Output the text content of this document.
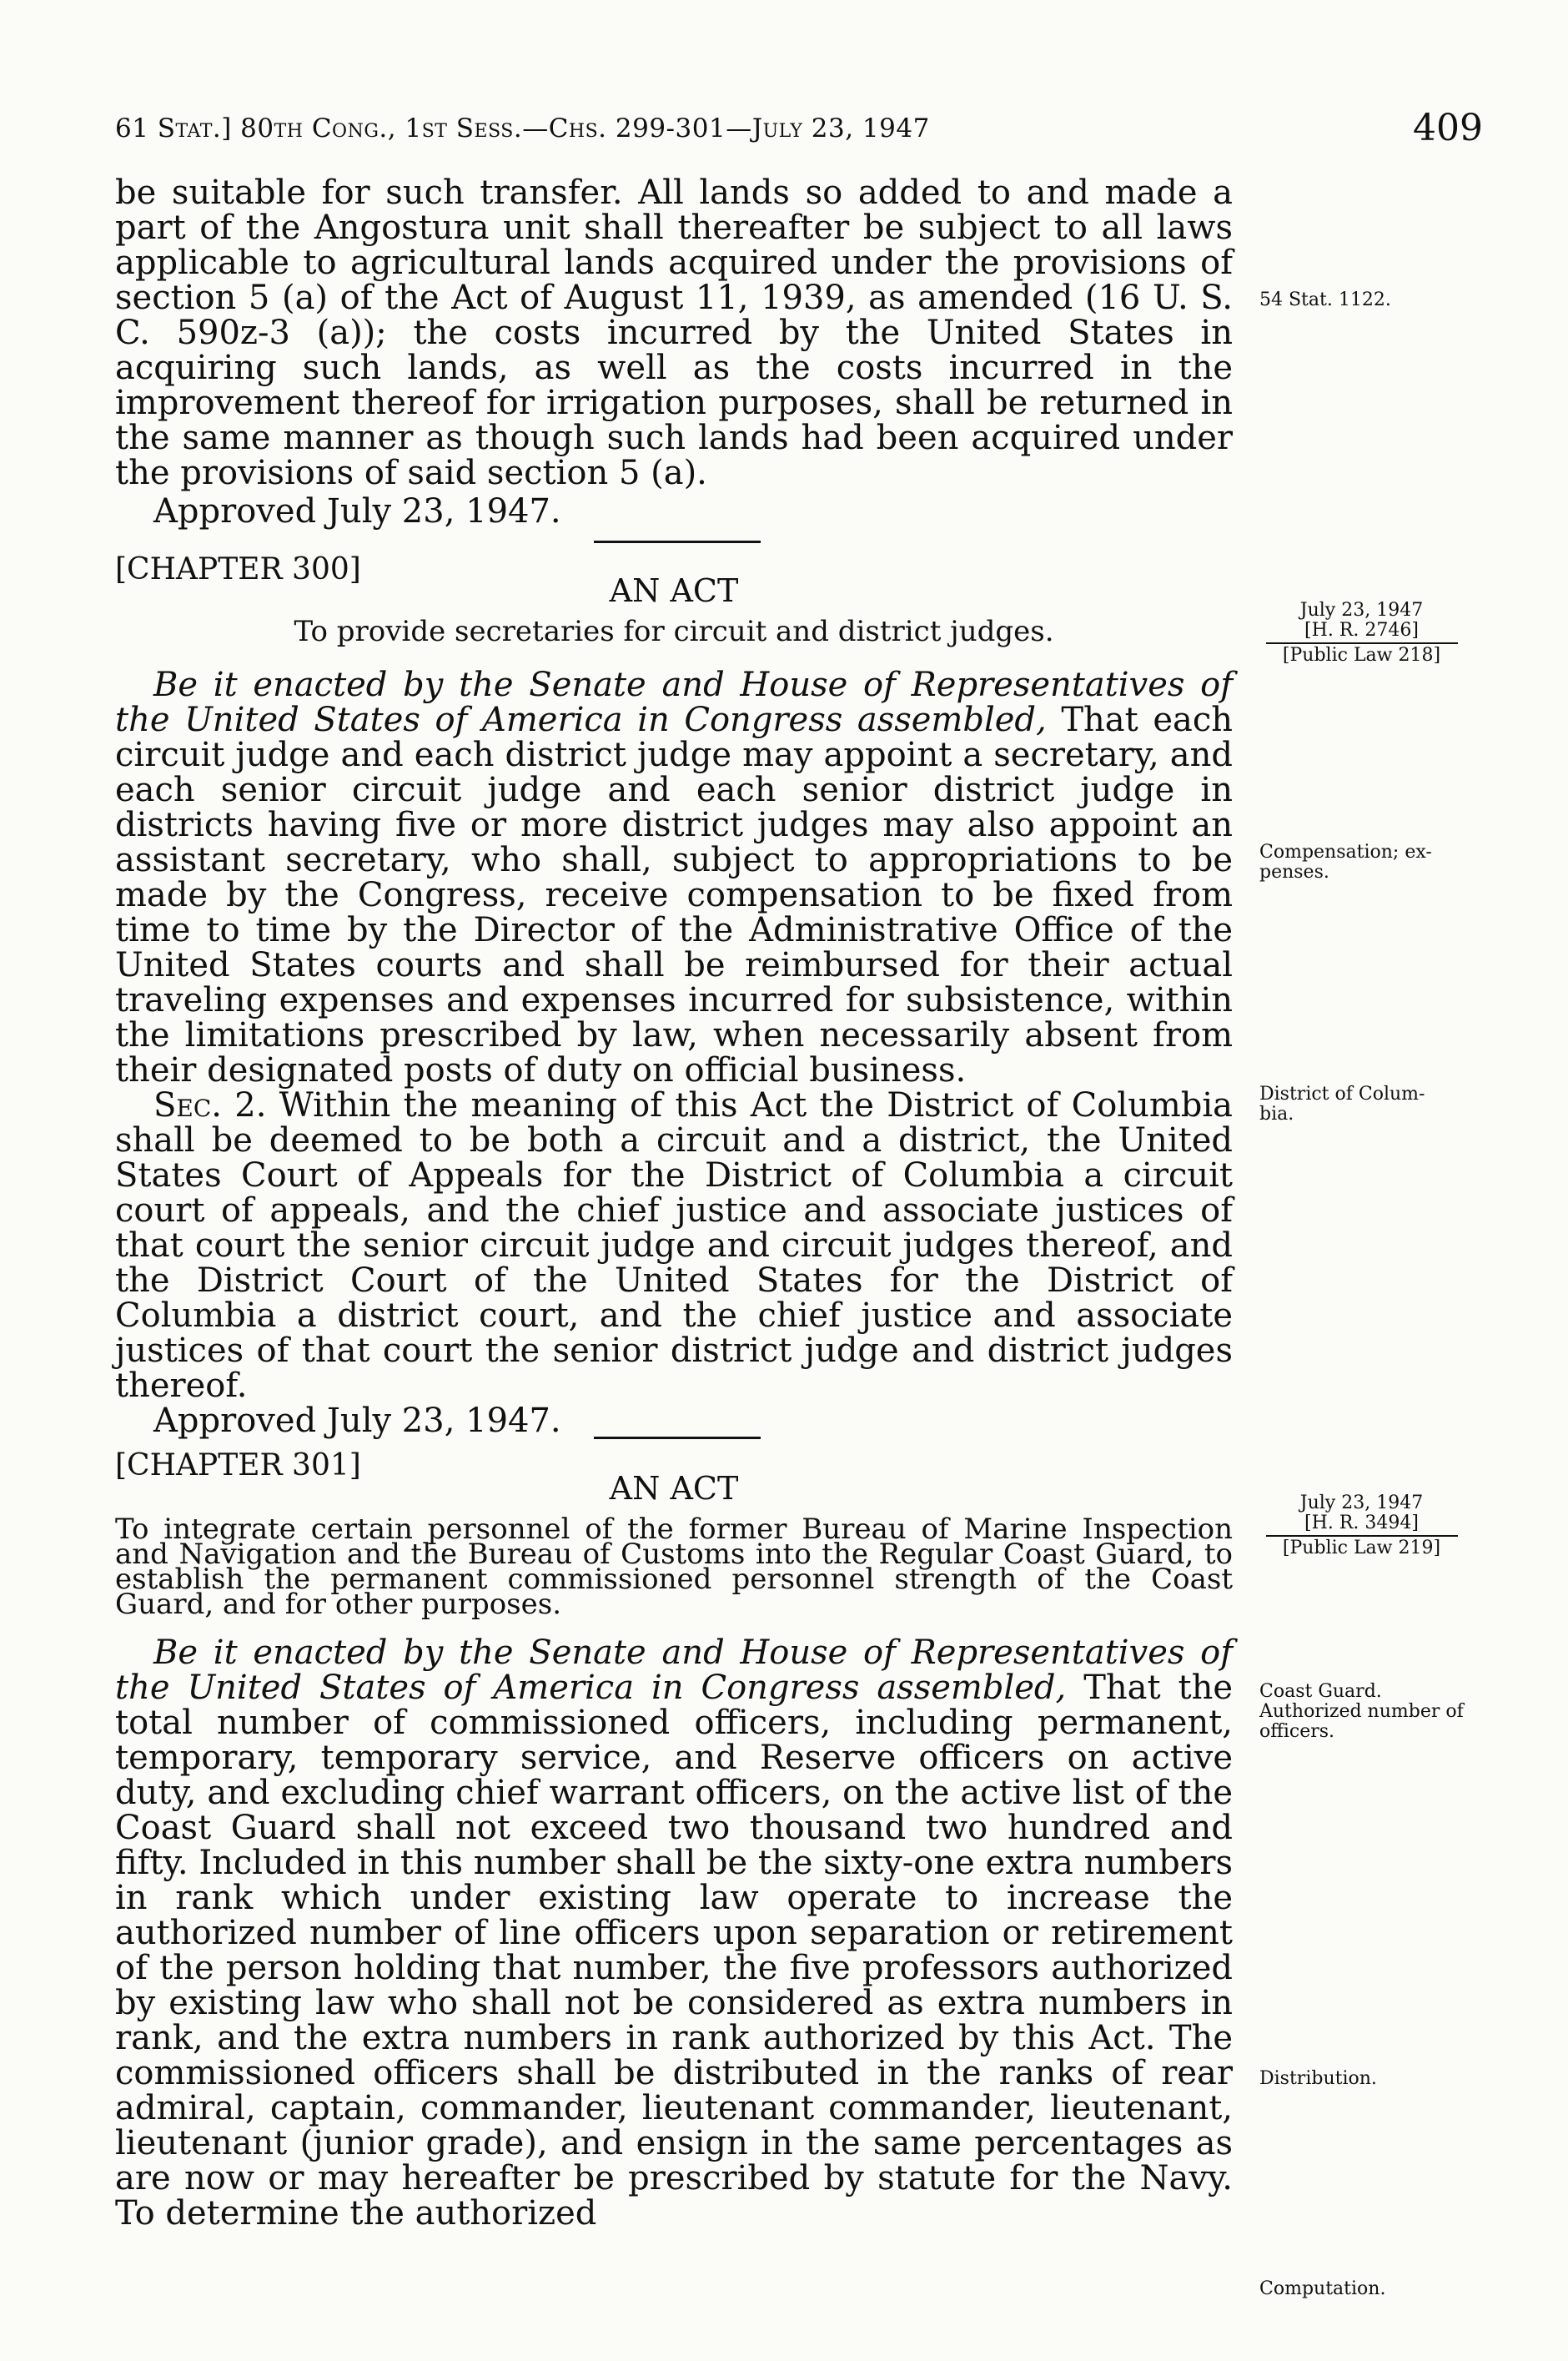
61 Stat.] 80th Cong., 1st Sess.—Chs. 299-301—July 23, 1947	409

be suitable for such transfer. All lands so added to and made a part of the Angostura unit shall thereafter be subject to all laws applicable to agricultural lands acquired under the provisions of section 5 (a) of the Act of August 11, 1939, as amended (16 U. S. C. 590z-3 (a)); the costs incurred by the United States in acquiring such lands, as well as the costs incurred in the improvement thereof for irrigation purposes, shall be returned in the same manner as though such lands had been acquired under the provisions of said section 5 (a).

Approved July 23, 1947.

54 Stat. 1122.
[CHAPTER 300]
AN ACT
To provide secretaries for circuit and district judges.
July 23, 1947
[H. R. 2746]
[Public Law 218]

Be it enacted by the Senate and House of Representatives of the United States of America in Congress assembled, That each circuit judge and each district judge may appoint a secretary, and each senior circuit judge and each senior district judge in districts having five or more district judges may also appoint an assistant secretary, who shall, subject to appropriations to be made by the Congress, receive compensation to be fixed from time to time by the Director of the Administrative Office of the United States courts and shall be reimbursed for their actual traveling expenses and expenses incurred for subsistence, within the limitations prescribed by law, when necessarily absent from their designated posts of duty on official business.

Sec. 2. Within the meaning of this Act the District of Columbia shall be deemed to be both a circuit and a district, the United States Court of Appeals for the District of Columbia a circuit court of appeals, and the chief justice and associate justices of that court the senior circuit judge and circuit judges thereof, and the District Court of the United States for the District of Columbia a district court, and the chief justice and associate justices of that court the senior district judge and district judges thereof.

Approved July 23, 1947.

Compensation; ex- penses.
District of Colum- bia.
[CHAPTER 301]
AN ACT
To integrate certain personnel of the former Bureau of Marine Inspection and Navigation and the Bureau of Customs into the Regular Coast Guard, to establish the permanent commissioned personnel strength of the Coast Guard, and for other purposes.
July 23, 1947
[H. R. 3494]
[Public Law 219]

Be it enacted by the Senate and House of Representatives of the United States of America in Congress assembled, That the total number of commissioned officers, including permanent, temporary, temporary service, and Reserve officers on active duty, and excluding chief warrant officers, on the active list of the Coast Guard shall not exceed two thousand two hundred and fifty. Included in this number shall be the sixty-one extra numbers in rank which under existing law operate to increase the authorized number of line officers upon separation or retirement of the person holding that number, the five professors authorized by existing law who shall not be considered as extra numbers in rank, and the extra numbers in rank authorized by this Act. The commissioned officers shall be distributed in the ranks of rear admiral, captain, commander, lieutenant commander, lieutenant, lieutenant (junior grade), and ensign in the same percentages as are now or may hereafter be prescribed by statute for the Navy. To determine the authorized

Coast Guard.
Authorized number of officers.
Distribution.
Computation.
